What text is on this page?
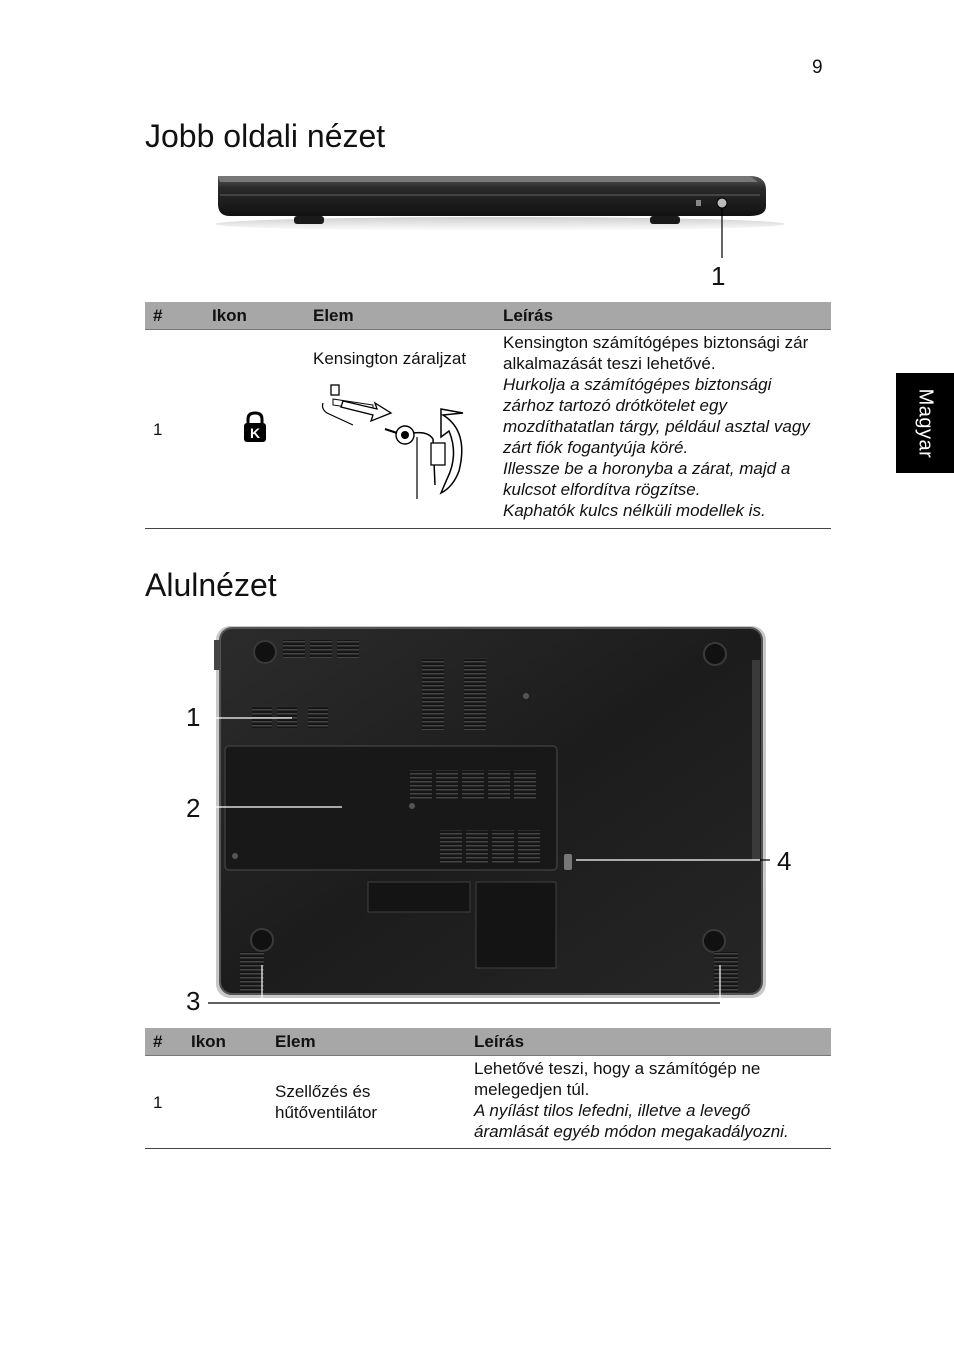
9
Magyar
Jobb oldali nézet
1
#	Ikon	Elem	Leírás
1	K	Kensington záraljzat	Kensington számítógépes biztonsági zár alkalmazását teszi lehetővé.
Hurkolja a számítógépes biztonsági zárhoz tartozó drótkötelet egy mozdíthatatlan tárgy, például asztal vagy zárt fiók fogantyúja köré.
Illessze be a horonyba a zárat, majd a kulcsot elfordítva rögzítse.
Kaphatók kulcs nélküli modellek is.
Alulnézet
1
2
3
4
#	Ikon	Elem	Leírás
1		Szellőzés és hűtőventilátor	Lehetővé teszi, hogy a számítógép ne melegedjen túl.
A nyílást tilos lefedni, illetve a levegő áramlását egyéb módon megakadályozni.
